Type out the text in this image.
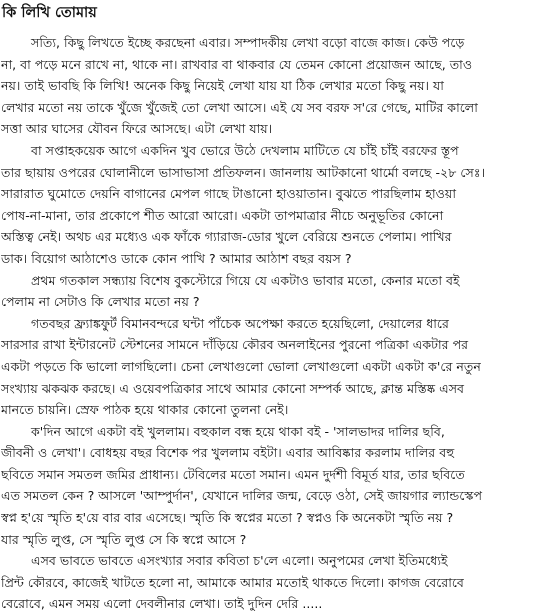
কি লিখি তোমায়
সত্যি, কিছু লিখতে ইচ্ছে করছেনা এবার। সম্পাদকীয় লেখা বড়ো বাজে কাজ। কেউ পড়ে
না, বা পড়ে মনে রাখে না, থাকে না। রাখবার বা থাকবার যে তেমন কোনো প্রয়োজন আছে, তাও
নয়। তাই ভাবছি কি লিখি! অনেক কিছু নিয়েই লেখা যায় যা ঠিক লেখার মতো কিছু নয়। যা
লেখার মতো নয় তাকে খুঁজে খুঁজেই তো লেখা আসে। এই যে সব বরফ স'রে গেছে, মাটির কালো
সত্তা আর ঘাসের যৌবন ফিরে আসছে। এটা লেখা যায়।
বা সপ্তাহকয়েক আগে একদিন খুব ভোরে উঠে দেখলাম মাটিতে যে চাঁই চাঁই বরফের স্তূপ
তার ছায়ায় ওপরের ঘোলানীলে ভাসাভাসা প্রতিফলন। জানলায় আটকানো থার্মো বলছে -২৮ সেঃ।
সারারাত ঘুমোতে দেয়নি বাগানের মেপল গাছে টাঙানো হাওয়াতান। বুঝতে পারছিলাম হাওয়া
পোষ-না-মানা, তার প্রকোপে শীত আরো আরো। একটা তাপমাত্রার নীচে অনুভূতির কোনো
অস্তিত্ব নেই। অথচ এর মধ্যেও এক ফাঁকে গ্যারাজ-ডোর খুলে বেরিয়ে শুনতে পেলাম। পাখির
ডাক। বিয়োগ আঠাশেও ডাকে কোন পাখি ? আমার আঠাশ বছর বয়স ?
প্রথম গতকাল সন্ধ্যায় বিশেষ বুকস্টোরে গিয়ে যে একটাও ভাবার মতো, কেনার মতো বই
পেলাম না সেটাও কি লেখার মতো নয় ?
গতবছর ফ্র্যাঙ্কফুর্ট বিমানবন্দরে ঘন্টা পাঁচেক অপেক্ষা করতে হয়েছিলো, দেয়ালের ধারে
সারসার রাখা ইন্টারনেট স্টেশনের সামনে দাঁড়িয়ে কৌরব অনলাইনের পুরনো পত্রিকা একটার পর
একটা পড়তে কি ভালো লাগছিলো। চেনা লেখাগুলো ভোলা লেখাগুলো একটা একটা ক'রে নতুন
সংখ্যায় ঝকঝক করছে। এ ওয়েবপত্রিকার সাথে আমার কোনো সম্পর্ক আছে, ক্লান্ত মস্তিষ্ক এসব
মানতে চায়নি। স্রেফ পাঠক হয়ে থাকার কোনো তুলনা নেই।
ক'দিন আগে একটা বই খুললাম। বহুকাল বন্ধ হয়ে থাকা বই - 'সালভাদর দালির ছবি,
জীবনী ও লেখা'। বোধহয় বছর বিশেক পর খুললাম বইটা। এবার আবিষ্কার করলাম দালির বহু
ছবিতে সমান সমতল জমির প্রাধান্য। টেবিলের মতো সমান। এমন দুর্দশী বিমূর্ত যার, তার ছবিতে
এত সমতল কেন ? আসলে 'আম্পুর্দান', যেখানে দালির জন্ম, বেড়ে ওঠা, সেই জায়গার ল্যান্ডস্কেপ
স্বপ্ন হ'য়ে স্মৃতি হ'য়ে বার বার এসেছে। স্মৃতি কি স্বপ্নের মতো ? স্বপ্নও কি অনেকটা স্মৃতি নয় ?
যার স্মৃতি লুপ্ত, সে স্মৃতি লুপ্ত সে কি স্বপ্নে আসে ?
এসব ভাবতে ভাবতে এসংখ্যার সবার কবিতা চ'লে এলো। অনুপমের লেখা ইতিমধ্যেই
প্রিন্ট কৌরবে, কাজেই খাটতে হলো না, আমাকে আমার মতোই থাকতে দিলো। কাগজ বেরোবে
বেরোবে, এমন সময় এলো দেবলীনার লেখা। তাই দুদিন দেরি .....
